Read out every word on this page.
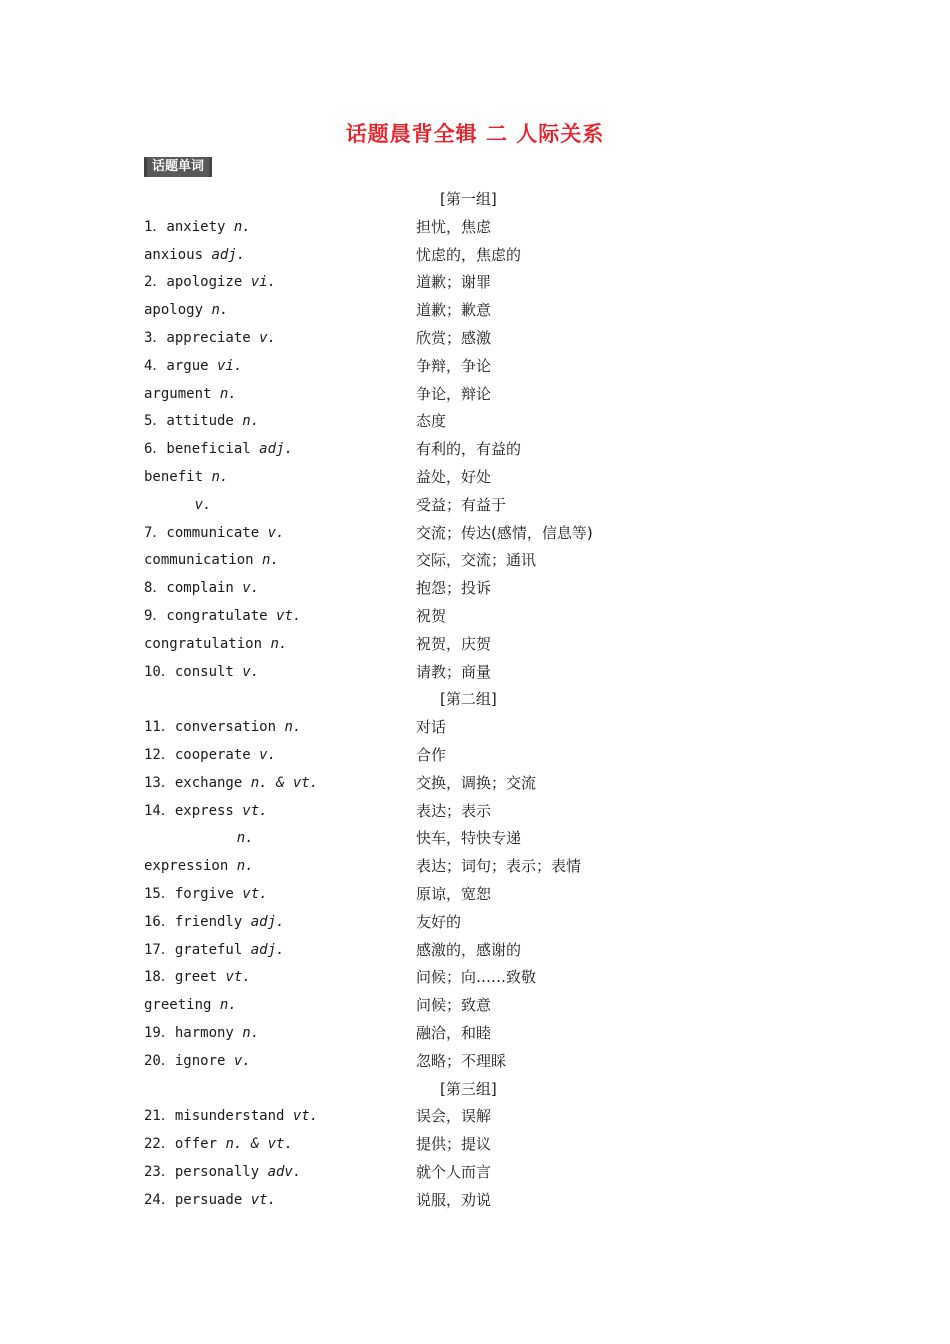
话题晨背全辑 二 人际关系
话题单词
[第一组]
1．anxiety n.	担忧，焦虑
anxious adj.	忧虑的，焦虑的
2．apologize vi.	道歉；谢罪
apology n.	道歉；歉意
3．appreciate v.	欣赏；感激
4．argue vi.	争辩，争论
argument n.	争论，辩论
5．attitude n.	态度
6．beneficial adj.	有利的，有益的
benefit n.	益处，好处
v.	受益；有益于
7．communicate v.	交流；传达(感情，信息等)
communication n.	交际，交流；通讯
8．complain v.	抱怨；投诉
9．congratulate vt.	祝贺
congratulation n.	祝贺，庆贺
10．consult v.	请教；商量
[第二组]
11．conversation n.	对话
12．cooperate v.	合作
13．exchange n. & vt.	交换，调换；交流
14．express vt.	表达；表示
n.	快车，特快专递
expression n.	表达；词句；表示；表情
15．forgive vt.	原谅，宽恕
16．friendly adj.	友好的
17．grateful adj.	感激的，感谢的
18．greet vt.	问候；向……致敬
greeting n.	问候；致意
19．harmony n.	融洽，和睦
20．ignore v.	忽略；不理睬
[第三组]
21．misunderstand vt.	误会，误解
22．offer n. & vt.	提供；提议
23．personally adv.	就个人而言
24．persuade vt.	说服，劝说
